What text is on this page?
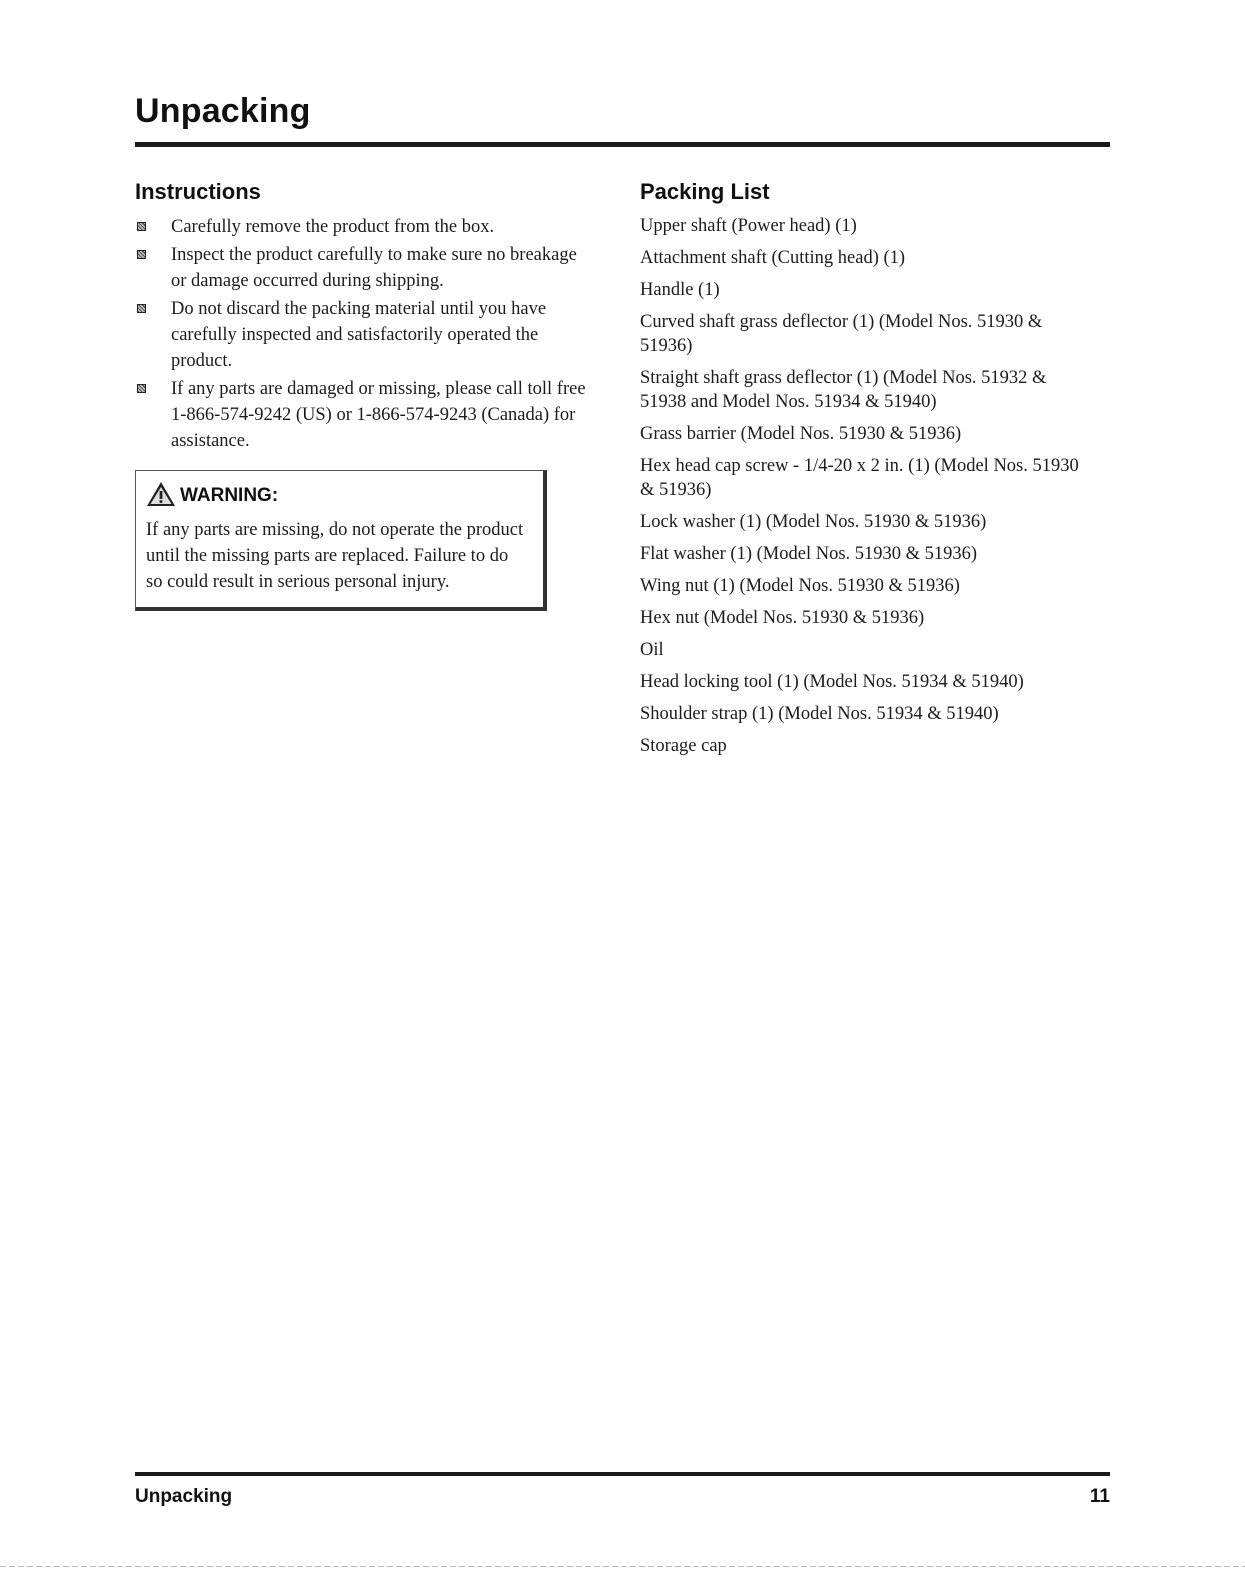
Unpacking
Instructions
Carefully remove the product from the box.
Inspect the product carefully to make sure no breakage or damage occurred during shipping.
Do not discard the packing material until you have carefully inspected and satisfactorily operated the product.
If any parts are damaged or missing, please call toll free 1-866-574-9242 (US) or 1-866-574-9243 (Canada) for assistance.
WARNING:
If any parts are missing, do not operate the product until the missing parts are replaced. Failure to do so could result in serious personal injury.
Packing List
Upper shaft (Power head) (1)
Attachment shaft (Cutting head) (1)
Handle (1)
Curved shaft grass deflector (1) (Model Nos. 51930 & 51936)
Straight shaft grass deflector (1) (Model Nos. 51932 & 51938 and Model Nos. 51934 & 51940)
Grass barrier (Model Nos. 51930 & 51936)
Hex head cap screw - 1/4-20 x 2 in. (1) (Model Nos. 51930 & 51936)
Lock washer (1) (Model Nos. 51930 & 51936)
Flat washer (1) (Model Nos. 51930 & 51936)
Wing nut (1) (Model Nos. 51930 & 51936)
Hex nut (Model Nos. 51930 & 51936)
Oil
Head locking tool (1) (Model Nos. 51934 & 51940)
Shoulder strap (1) (Model Nos. 51934 & 51940)
Storage cap
Unpacking	11
